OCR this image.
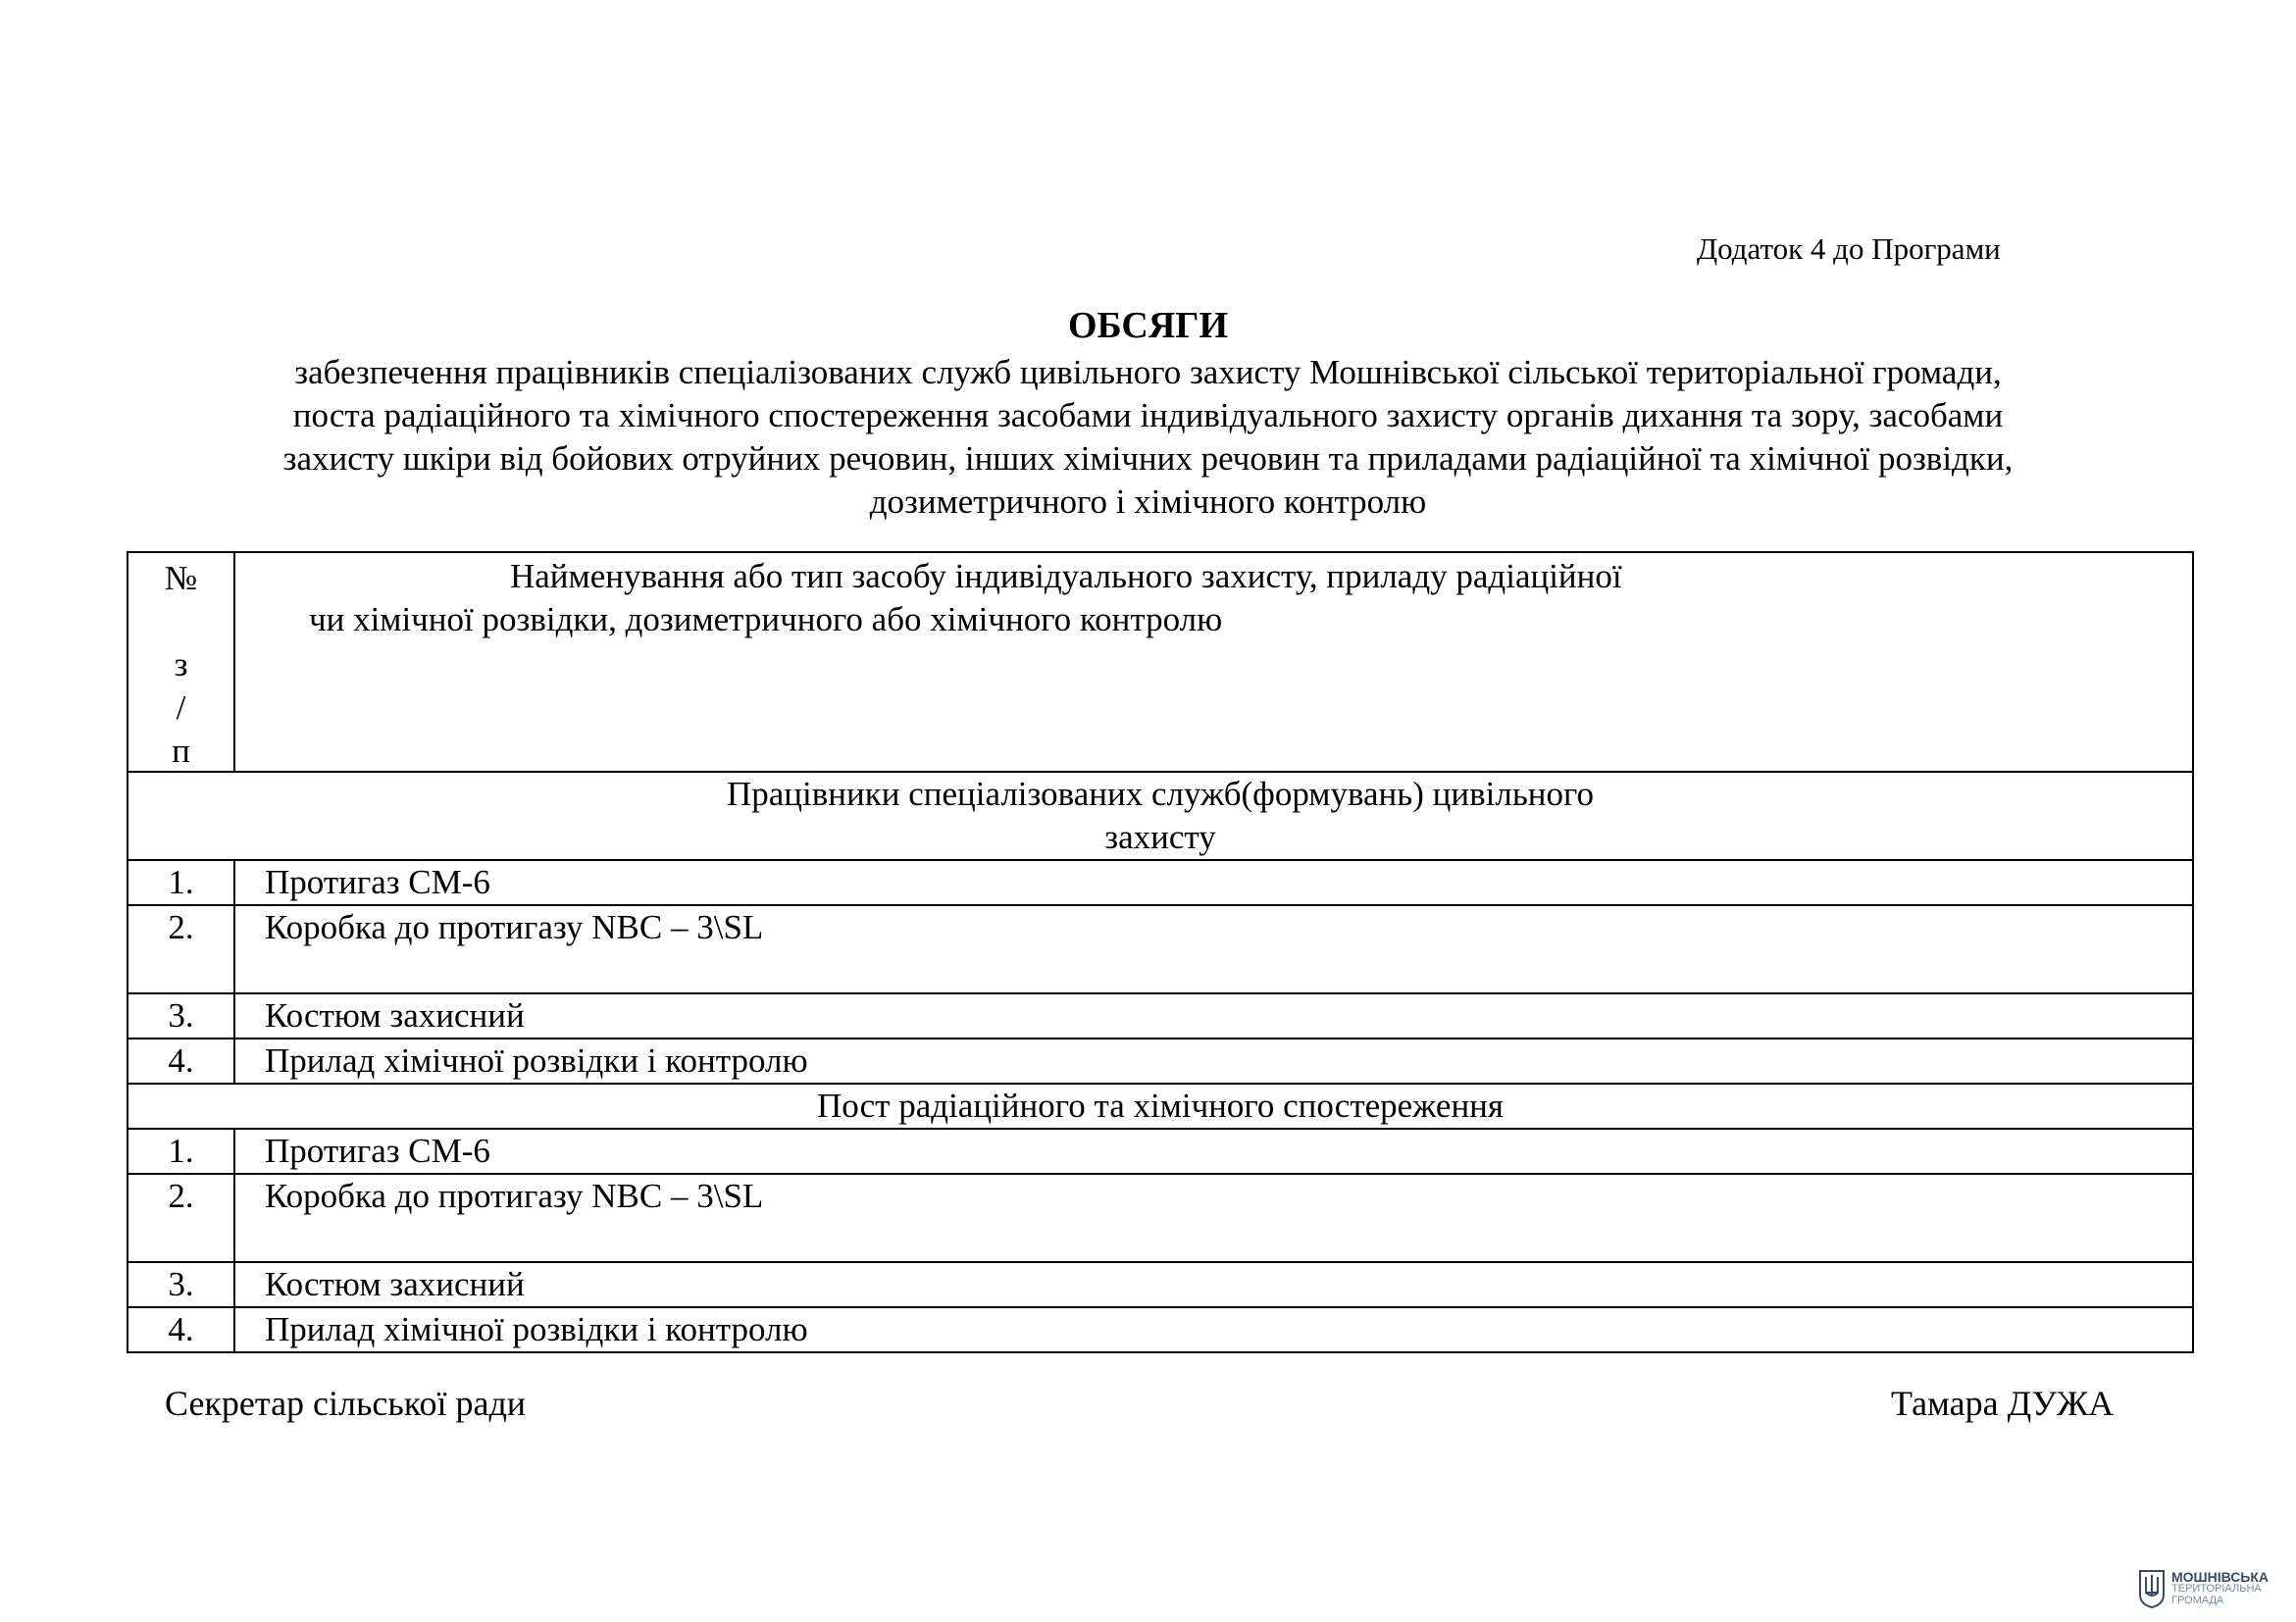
Додаток 4 до Програми
ОБСЯГИ
забезпечення працівників спеціалізованих служб цивільного захисту Мошнівської сільської територіальної громади,
поста радіаційного та хімічного спостереження засобами індивідуального захисту органів дихання та зору, засобами
захисту шкіри від бойових отруйних речовин, інших хімічних речовин та приладами радіаційної та хімічної розвідки,
дозиметричного і хімічного контролю
№
з
/
п	Найменування або тип засобу індивідуального захисту, приладу радіаційної
чи хімічної розвідки, дозиметричного або хімічного контролю

Працівники спеціалізованих служб(формувань) цивільного
захисту	

1.	Протигаз СМ-6
2.	Коробка до протигазу NBC – 3\SL
3.	Костюм захисний
4.	Прилад хімічної розвідки і контролю

Пост радіаційного та хімічного спостереження	

1.	Протигаз СМ-6
2.	Коробка до протигазу NBC – 3\SL
3.	Костюм захисний
4.	Прилад хімічної розвідки і контролю
Секретар сільської ради	Тамара ДУЖА
МОШНІВСЬКА
ТЕРИТОРІАЛЬНА
ГРОМАДА
